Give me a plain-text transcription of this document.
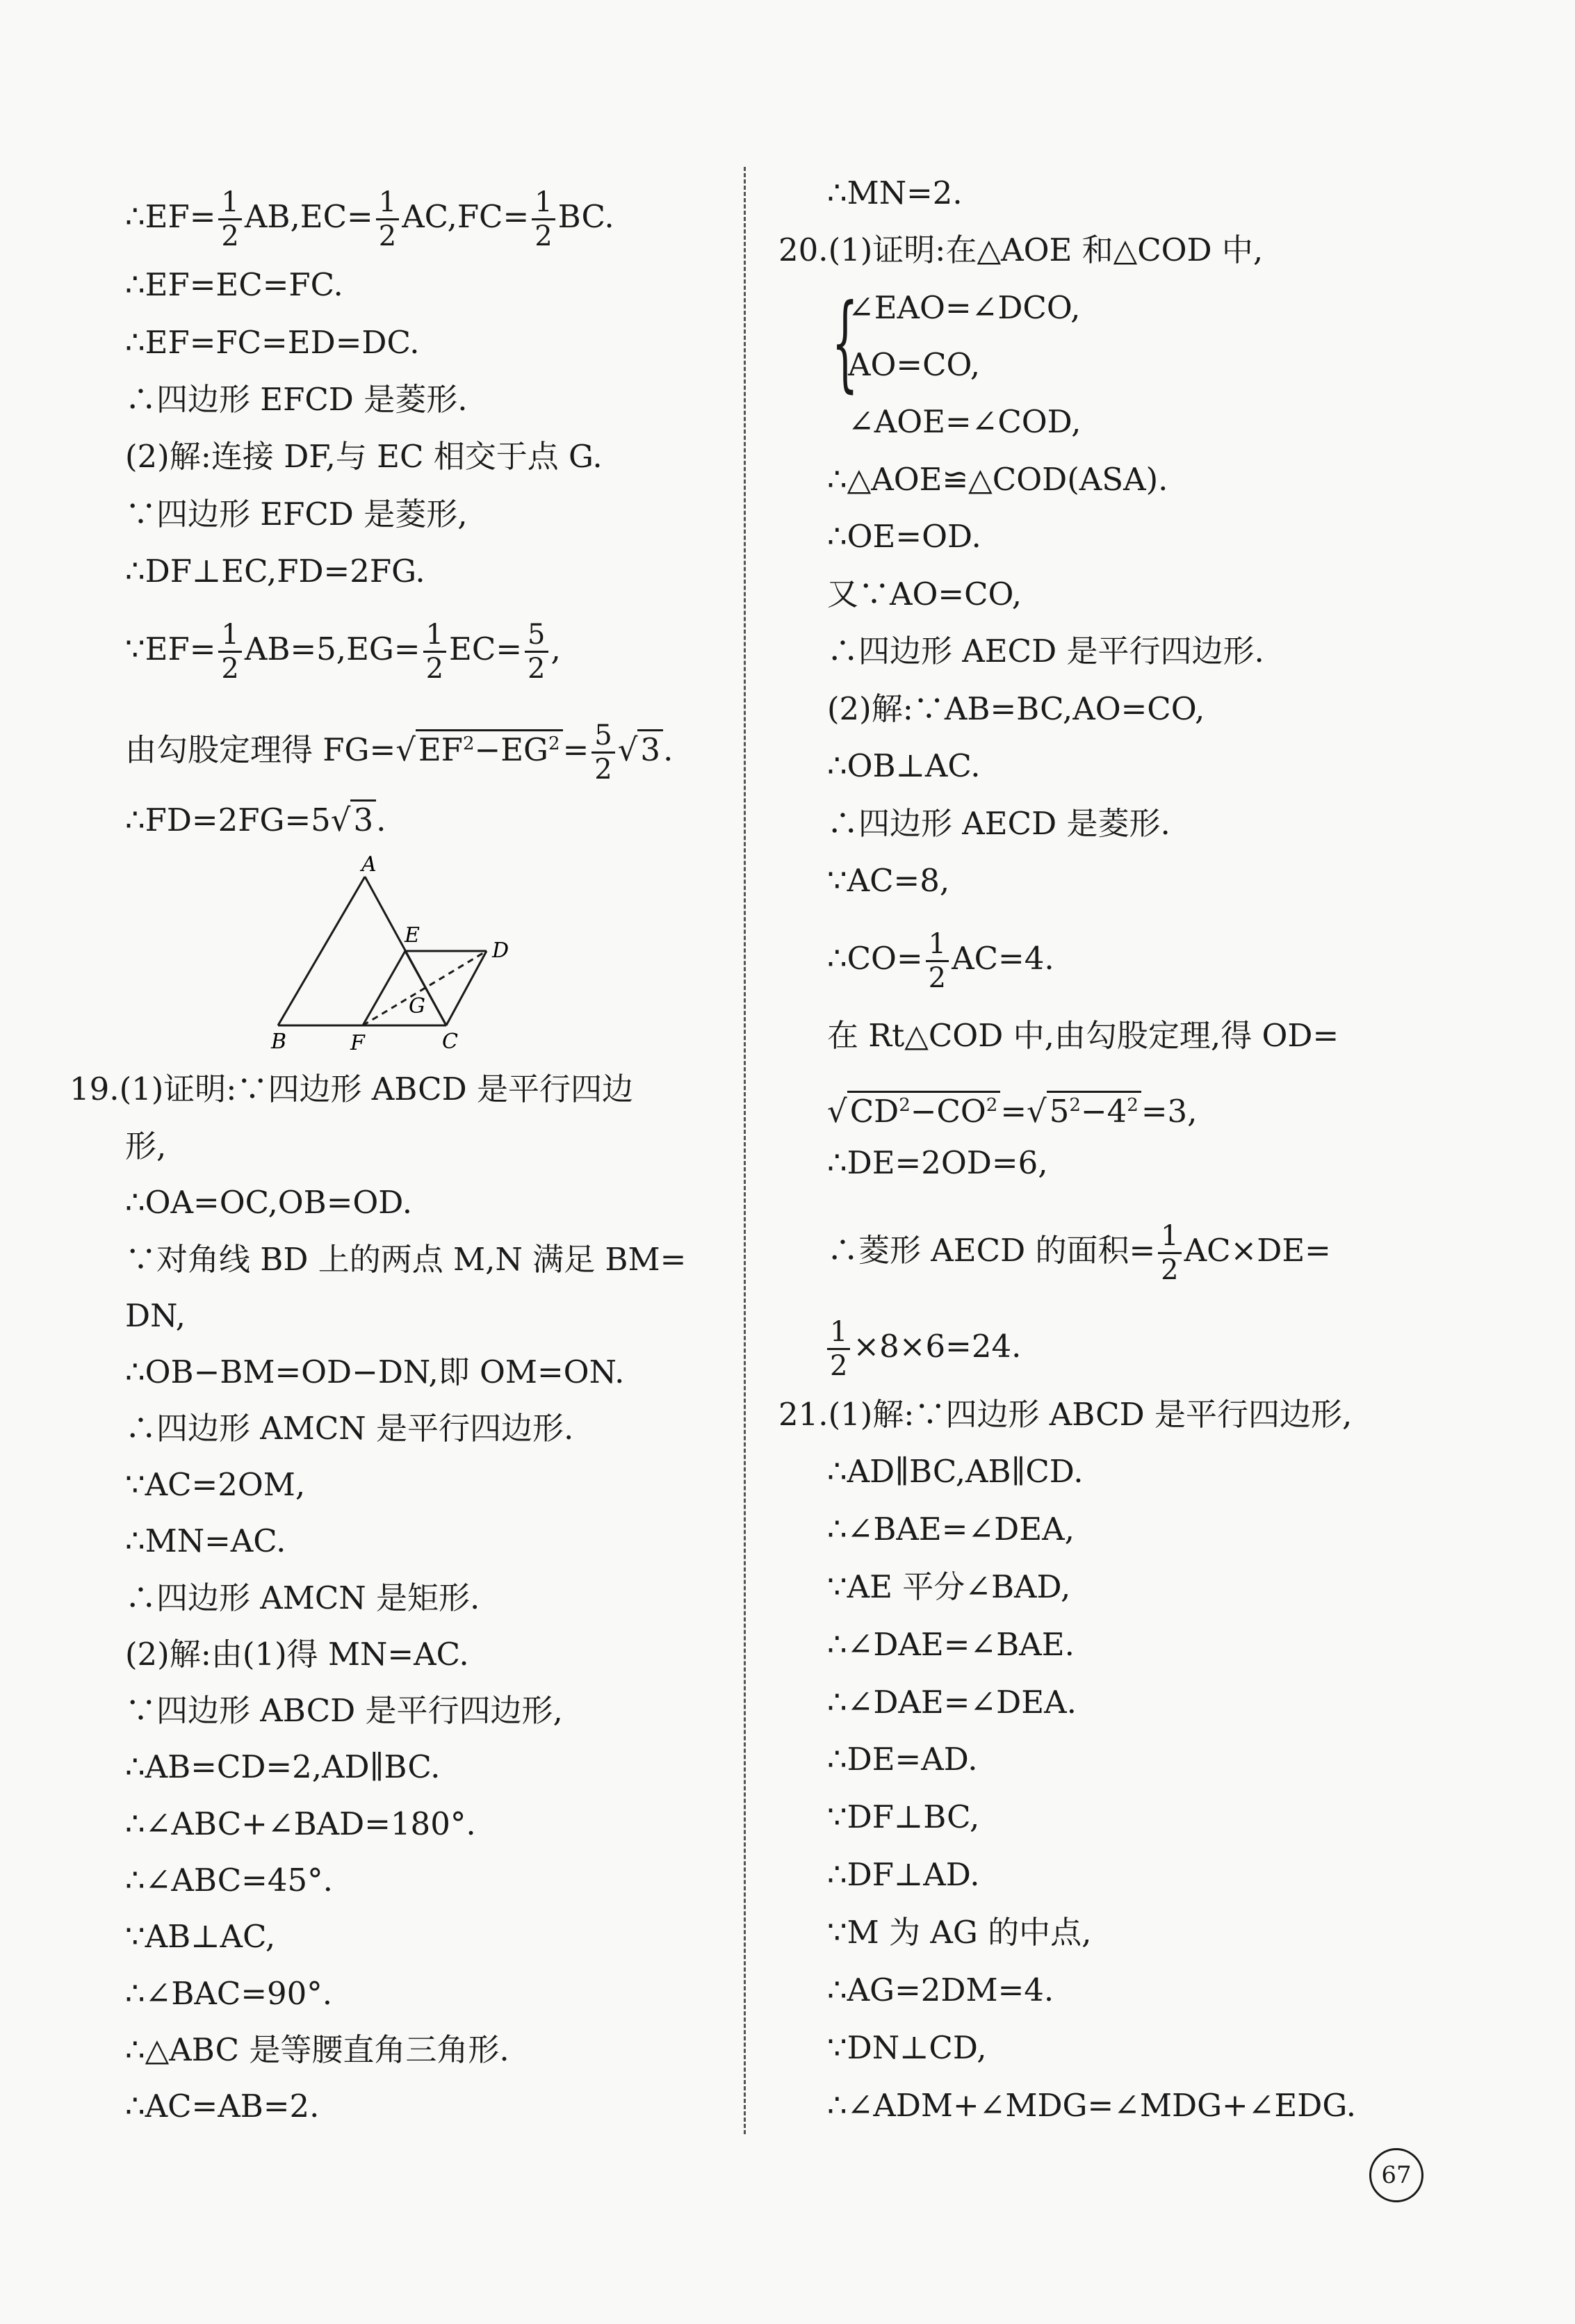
∴EF= $\frac{1}{2} AB,EC= \frac{1}{2} AC,FC= \frac{1}{2}$ BC.
∴EF=EC=FC.
∴EF=FC=ED=DC.
∴四边形 EFCD 是菱形.
(2)解:连接 DF,与 EC 相交于点 G.
∵四边形 EFCD 是菱形,
∴DF⊥EC,FD=2FG.
∵EF= $\frac{1}{2} AB=5,EG= \frac{1}{2} EC= \frac{5}{2}$ ,
由勾股定理得 $FG=√EF^2-EG^2= \frac{5}{2} √3$.
∴FD=2FG=5√3.
A
B	C
D
E
F
G
19.(1)证明:∵四边形 ABCD 是平行四边
形,
∴OA=OC,OB=OD.
∵对角线 BD 上的两点 M,N 满足 BM=
DN,
∴OB−BM=OD−DN,即 OM=ON.
∴四边形 AMCN 是平行四边形.
∵AC=2OM,
∴MN=AC.
∴四边形 AMCN 是矩形.
(2)解:由(1)得 MN=AC.
∵四边形 ABCD 是平行四边形,
∴AB=CD=2,AD∥BC.
∴∠ABC+∠BAD=180°.
∴∠ABC=45°.
∵AB⊥AC,
∴∠BAC=90°.
∴△ABC 是等腰直角三角形.
∴AC=AB=2.
∴MN=2.
20.(1)证明:在△AOE 和△COD 中,
{
∠EAO=∠DCO,
AO=CO,
∠AOE=∠COD,
∴△AOE≌△COD(ASA).
∴OE=OD.
又∵AO=CO,
∴四边形 AECD 是平行四边形.
(2)解:∵AB=BC,AO=CO,
∴OB⊥AC.
∴四边形 AECD 是菱形.
∵AC=8,
∴CO= $\frac{1}{2} AC=4$.
在 Rt△COD 中,由勾股定理,得 OD=
$√CD^2-CO^2=√5^2-4^2=3$,
∴DE=2OD=6,
∴菱形 AECD 的面积= $\frac{1}{2} AC\times DE=$
$\frac{1}{2} \times 8\times 6=24$.
21.(1)解:∵四边形 ABCD 是平行四边形,
∴AD∥BC,AB∥CD.
∴∠BAE=∠DEA,
∵AE 平分∠BAD,
∴∠DAE=∠BAE.
∴∠DAE=∠DEA.
∴DE=AD.
∵DF⊥BC,
∴DF⊥AD.
∵M 为 AG 的中点,
∴AG=2DM=4.
∵DN⊥CD,
∴∠ADM+∠MDG=∠MDG+∠EDG.
67
